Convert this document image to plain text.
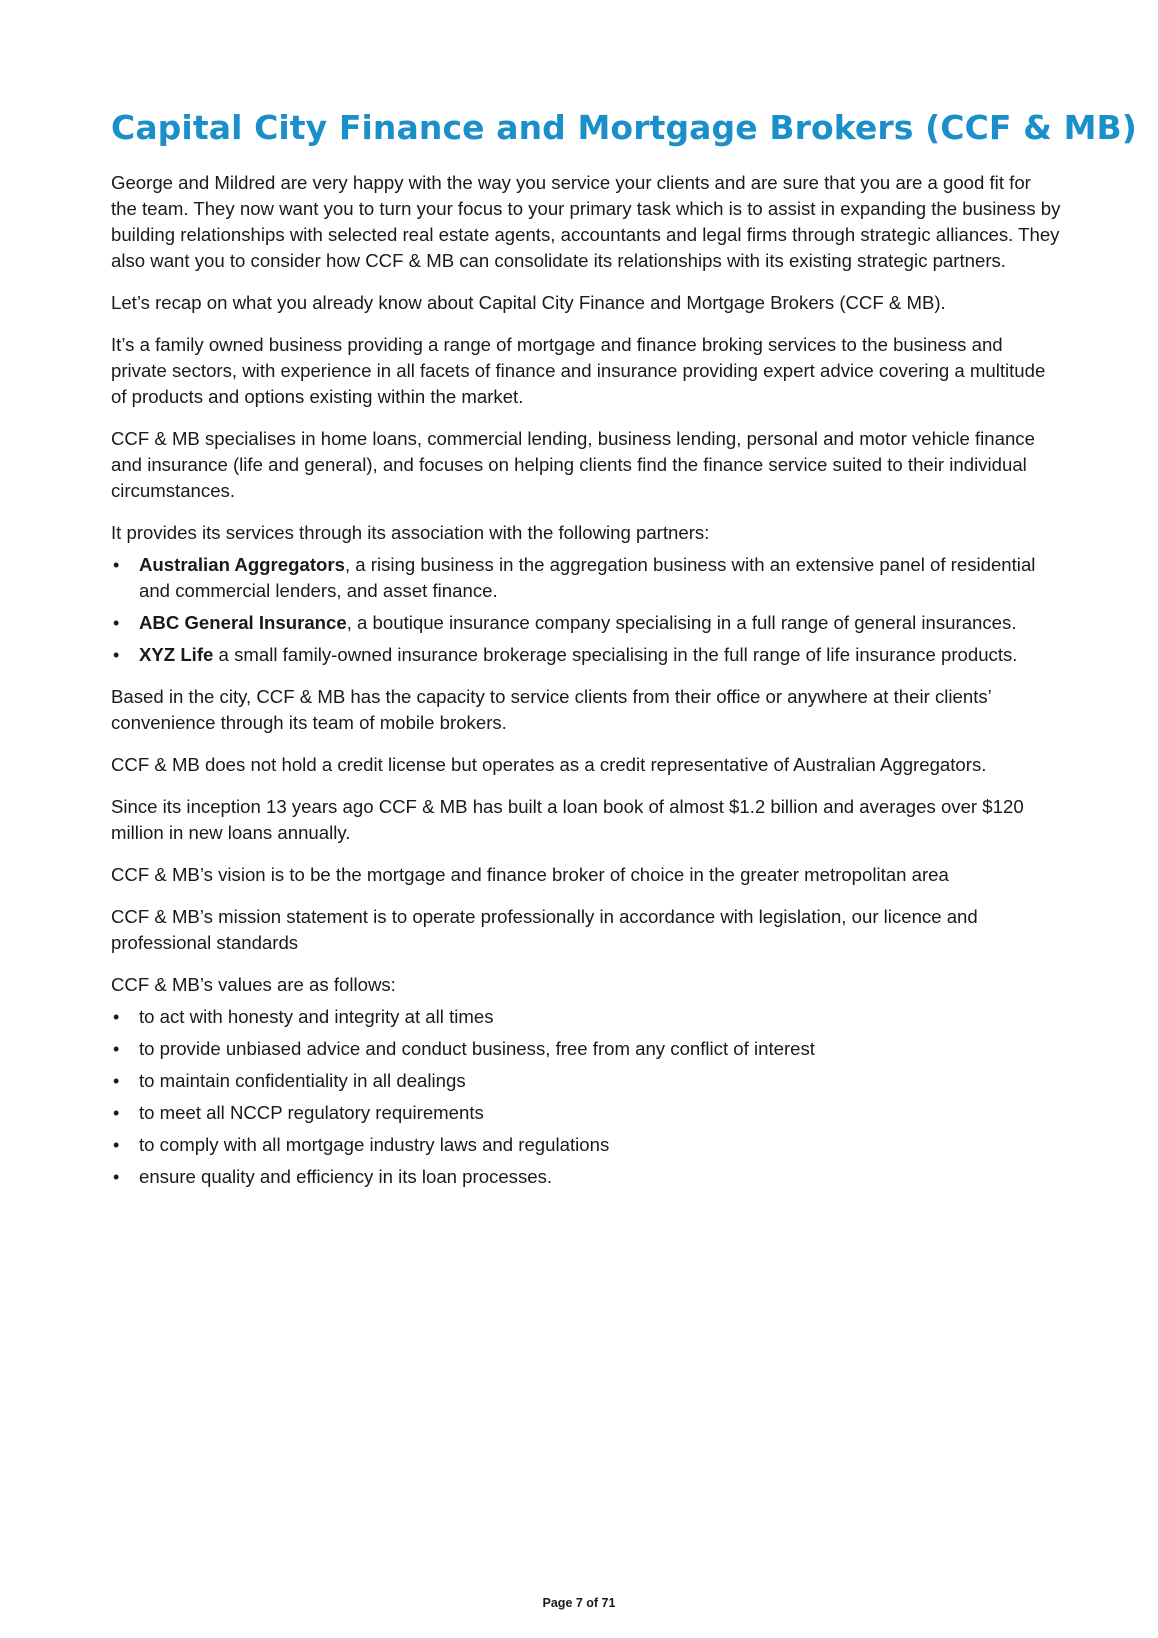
Capital City Finance and Mortgage Brokers (CCF & MB)

George and Mildred are very happy with the way you service your clients and are sure that you are a good fit for the team. They now want you to turn your focus to your primary task which is to assist in expanding the business by building relationships with selected real estate agents, accountants and legal firms through strategic alliances. They also want you to consider how CCF & MB can consolidate its relationships with its existing strategic partners.

Let’s recap on what you already know about Capital City Finance and Mortgage Brokers (CCF & MB).

It’s a family owned business providing a range of mortgage and finance broking services to the business and private sectors, with experience in all facets of finance and insurance providing expert advice covering a multitude of products and options existing within the market.

CCF & MB specialises in home loans, commercial lending, business lending, personal and motor vehicle finance and insurance (life and general), and focuses on helping clients find the finance service suited to their individual circumstances.

It provides its services through its association with the following partners:

•	Australian Aggregators, a rising business in the aggregation business with an extensive panel of residential and commercial lenders, and asset finance.
•	ABC General Insurance, a boutique insurance company specialising in a full range of general insurances.
•	XYZ Life a small family-owned insurance brokerage specialising in the full range of life insurance products.

Based in the city, CCF & MB has the capacity to service clients from their office or anywhere at their clients’ convenience through its team of mobile brokers.

CCF & MB does not hold a credit license but operates as a credit representative of Australian Aggregators.

Since its inception 13 years ago CCF & MB has built a loan book of almost $1.2 billion and averages over $120 million in new loans annually.

CCF & MB’s vision is to be the mortgage and finance broker of choice in the greater metropolitan area

CCF & MB’s mission statement is to operate professionally in accordance with legislation, our licence and professional standards

CCF & MB’s values are as follows:

•	to act with honesty and integrity at all times
•	to provide unbiased advice and conduct business, free from any conflict of interest
•	to maintain confidentiality in all dealings
•	to meet all NCCP regulatory requirements
•	to comply with all mortgage industry laws and regulations
•	ensure quality and efficiency in its loan processes.
Page 7 of 71
